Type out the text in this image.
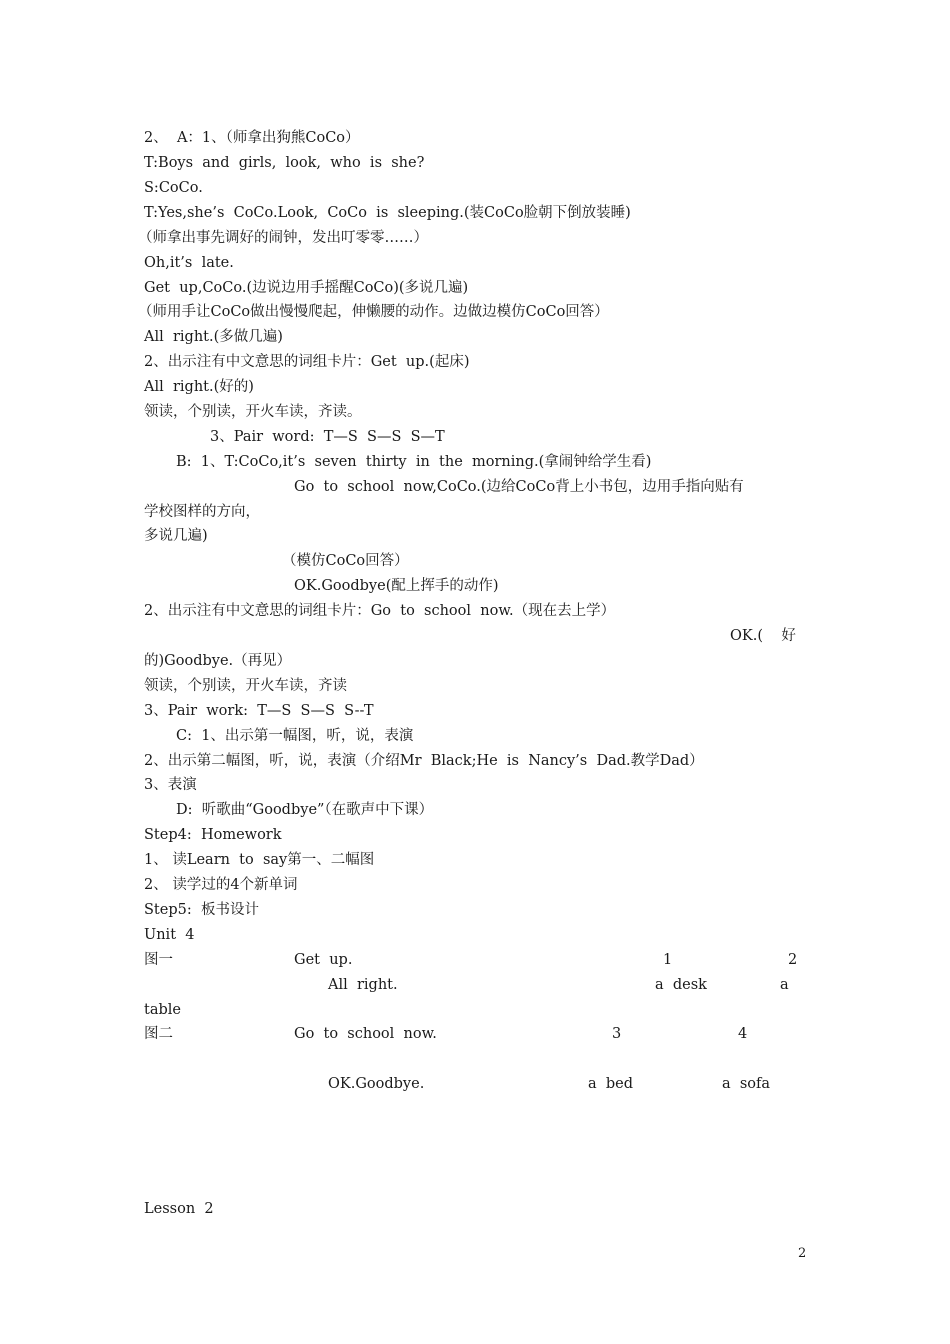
2、  A：1、（师拿出狗熊CoCo）
T:Boys  and  girls,  look,  who  is  she?
S:CoCo.
T:Yes,she’s  CoCo.Look,  CoCo  is  sleeping.(装CoCo脸朝下倒放装睡)
（师拿出事先调好的闹钟，发出叮零零……）
Oh,it’s  late.
Get  up,CoCo.(边说边用手摇醒CoCo)(多说几遍)
（师用手让CoCo做出慢慢爬起，伸懒腰的动作。边做边模仿CoCo回答）
All  right.(多做几遍)
2、出示注有中文意思的词组卡片：Get  up.(起床)
All  right.(好的)
领读，个别读，开火车读，齐读。
3、Pair  word:  T—S  S—S  S—T
B:  1、T:CoCo,it’s  seven  thirty  in  the  morning.(拿闹钟给学生看)
Go  to  school  now,CoCo.(边给CoCo背上小书包，边用手指向贴有
学校图样的方向，
多说几遍)
（模仿CoCo回答）
OK.Goodbye(配上挥手的动作)
2、出示注有中文意思的词组卡片：Go  to  school  now.（现在去上学）
OK.(    好
的)Goodbye.（再见）
领读，个别读，开火车读，齐读
3、Pair  work:  T—S  S—S  S--T
C:  1、出示第一幅图，听，说，表演
2、出示第二幅图，听，说，表演（介绍Mr  Black;He  is  Nancy’s  Dad.教学Dad）
3、表演
D:  听歌曲“Goodbye”（在歌声中下课）
Step4:  Homework
1、 读Learn  to  say第一、二幅图
2、 读学过的4个新单词
Step5:  板书设计
Unit  4
图一	Get  up.	1	2
All  right.	a  desk	a
table
图二	Go  to  school  now.	3	4
OK.Goodbye.	a  bed	a  sofa
Lesson  2
2
